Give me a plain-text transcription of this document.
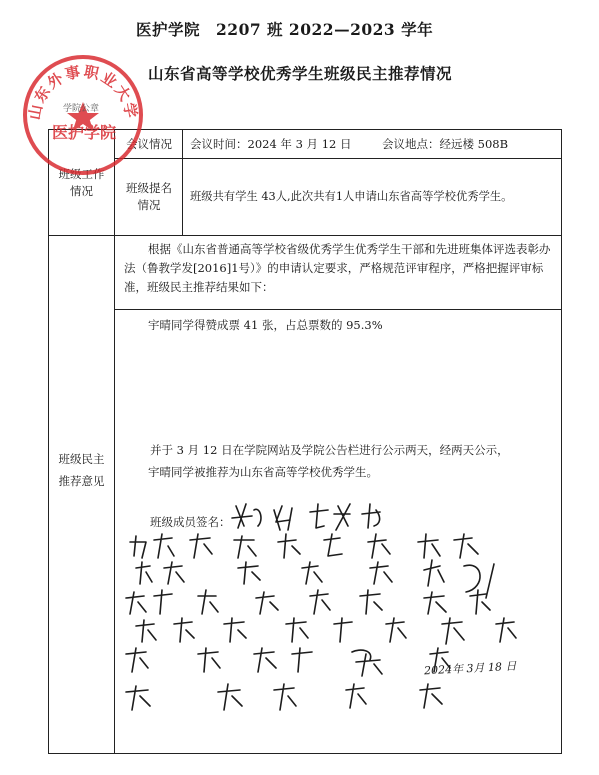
医护学院　2207 班 2022—2023 学年
山东省高等学校优秀学生班级民主推荐情况
班级工作
情况
会议情况	会议时间：2024 年 3 月 12 日	会议地点：经远楼 508B
班级提名
情况
班级共有学生 43人,此次共有1人申请山东省高等学校优秀学生。
根据《山东省普通高等学校省级优秀学生优秀学生干部和先进班集体评选表彰办法（鲁教学发[2016]1号）》的申请认定要求，严格规范评审程序，严格把握评审标准，班级民主推荐结果如下：
宇晴同学得赞成票 41 张，占总票数的 95.3%
班级民主
推荐意见
并于 3 月 12 日在学院网站及学院公告栏进行公示两天，经两天公示，
宇晴同学被推荐为山东省高等学校优秀学生。
班级成员签名：
2024年 3月 18 日
山东外事职业大学
学院公章
医护学院
